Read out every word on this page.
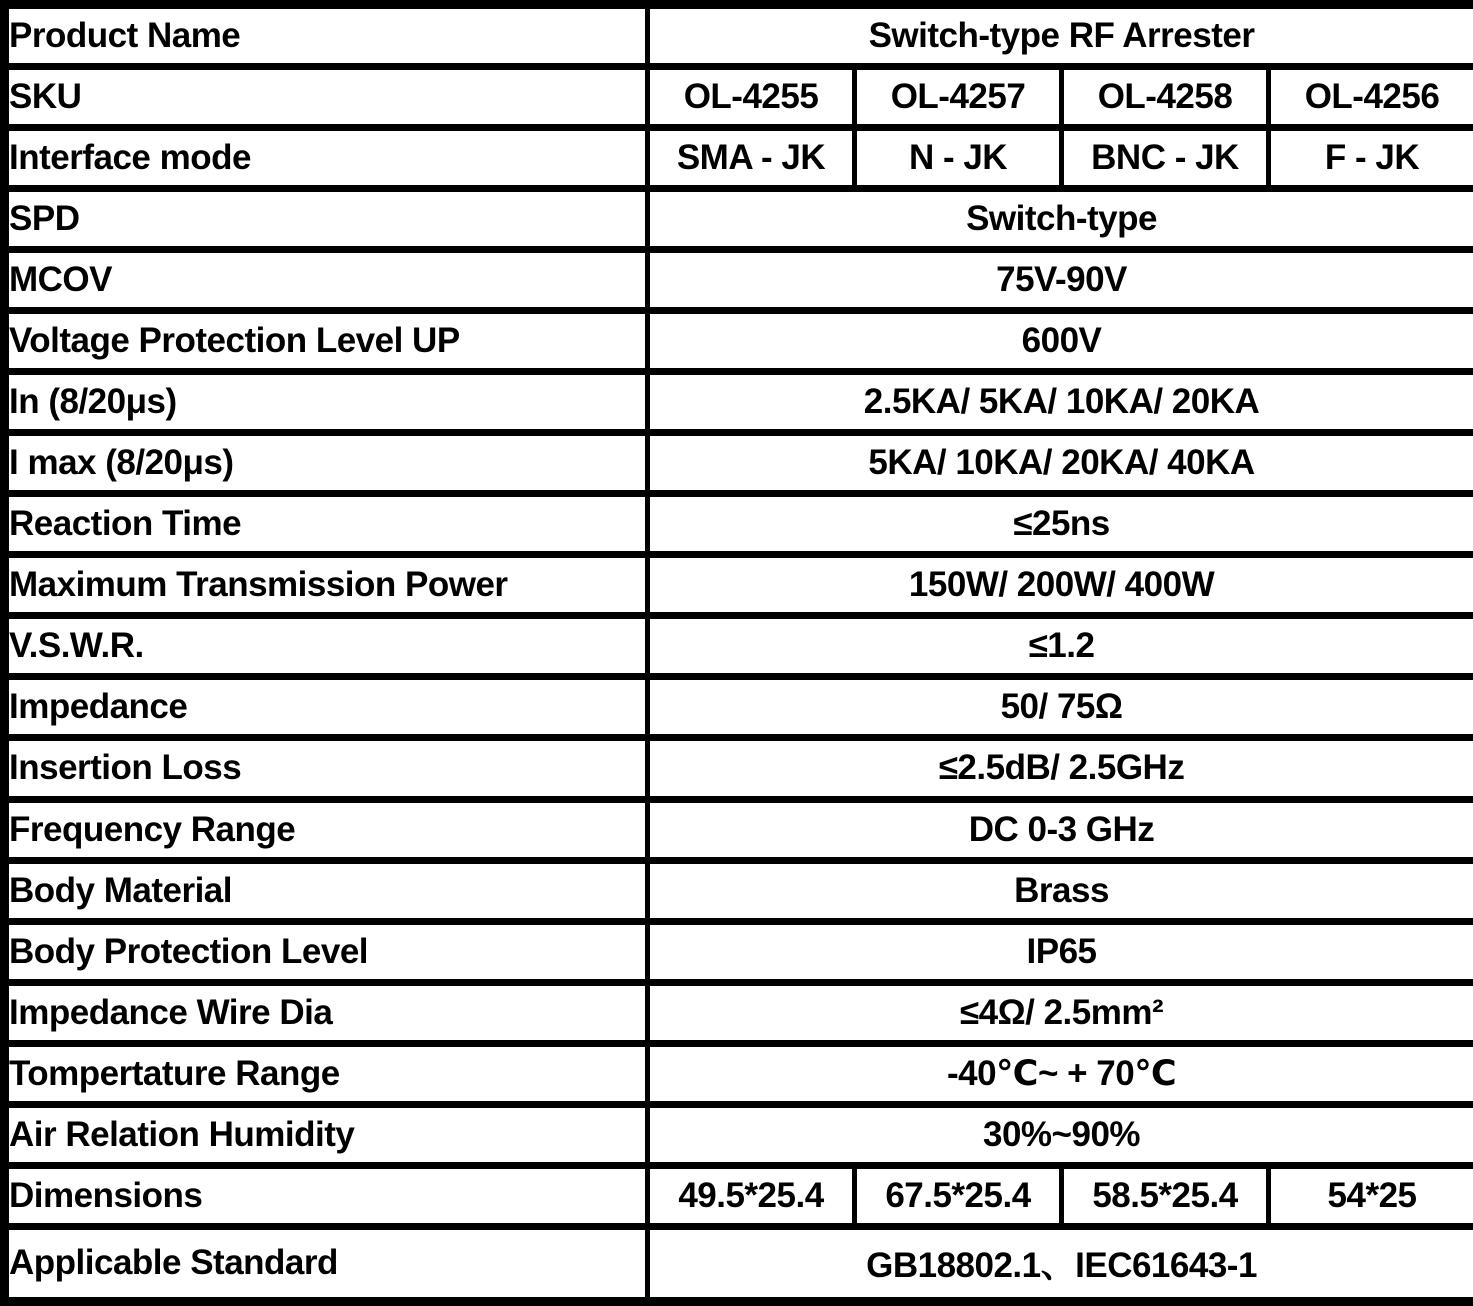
Product Name	Switch-type RF Arrester			
SKU	OL-4255	OL-4257	OL-4258	OL-4256
Interface mode	SMA - JK	N - JK	BNC - JK	F - JK
SPD	Switch-type			
MCOV	75V-90V			
Voltage Protection Level UP	600V			
In (8/20μs)	2.5KA/ 5KA/ 10KA/ 20KA			
I max (8/20μs)	5KA/ 10KA/ 20KA/ 40KA			
Reaction Time	≤25ns			
Maximum Transmission Power	150W/ 200W/ 400W			
V.S.W.R.	≤1.2			
Impedance	50/ 75Ω			
Insertion Loss	≤2.5dB/ 2.5GHz			
Frequency Range	DC 0-3 GHz			
Body Material	Brass			
Body Protection Level	IP65			
Impedance Wire Dia	≤4Ω/ 2.5mm²			
Tompertature Range	-40℃~ + 70℃			
Air Relation Humidity	30%~90%			
Dimensions	49.5*25.4	67.5*25.4	58.5*25.4	54*25
Applicable Standard	GB18802.1、IEC61643-1			
